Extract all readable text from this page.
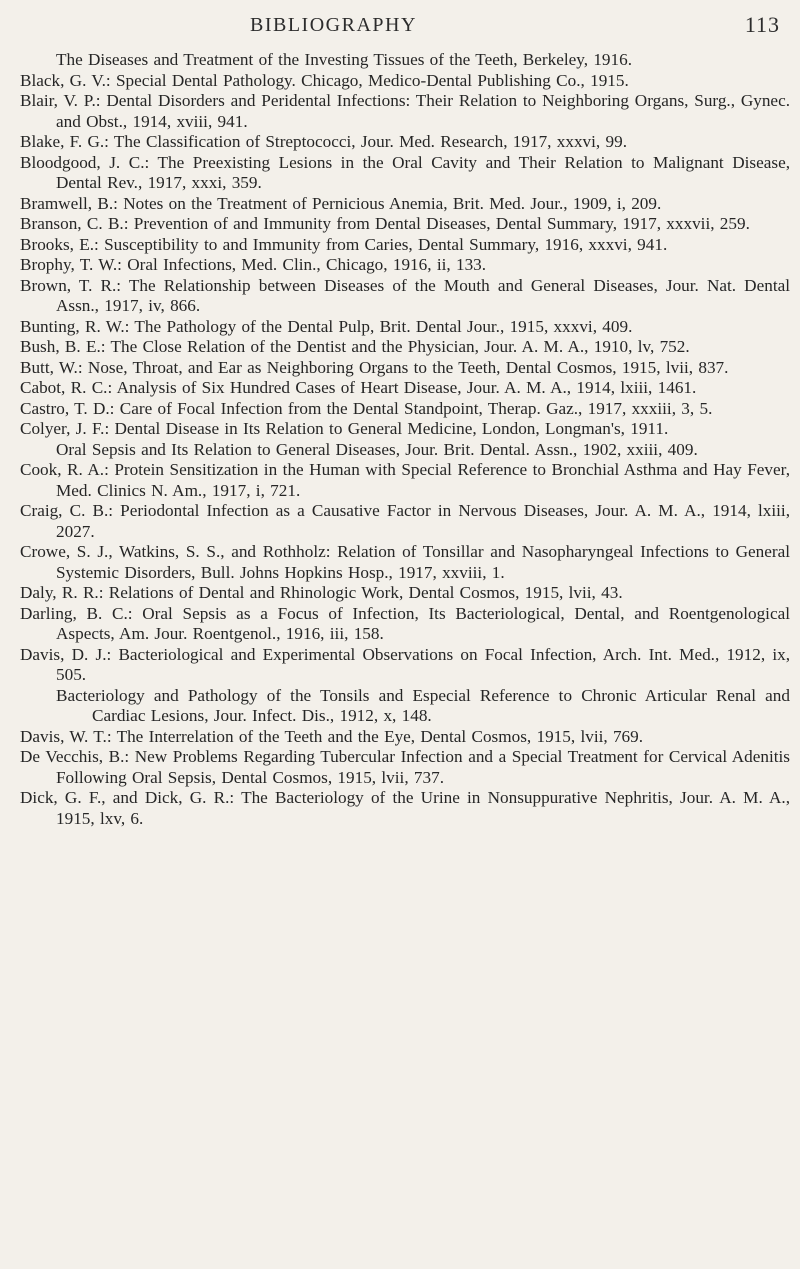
BIBLIOGRAPHY	113

The Diseases and Treatment of the Investing Tissues of the Teeth, Berkeley, 1916.

Black, G. V.: Special Dental Pathology. Chicago, Medico-Dental Publishing Co., 1915.

Blair, V. P.: Dental Disorders and Peridental Infections: Their Relation to Neighboring Organs, Surg., Gynec. and Obst., 1914, xviii, 941.

Blake, F. G.: The Classification of Streptococci, Jour. Med. Research, 1917, xxxvi, 99.

Bloodgood, J. C.: The Preexisting Lesions in the Oral Cavity and Their Relation to Malignant Disease, Dental Rev., 1917, xxxi, 359.

Bramwell, B.: Notes on the Treatment of Pernicious Anemia, Brit. Med. Jour., 1909, i, 209.

Branson, C. B.: Prevention of and Immunity from Dental Diseases, Dental Summary, 1917, xxxvii, 259.

Brooks, E.: Susceptibility to and Immunity from Caries, Dental Summary, 1916, xxxvi, 941.

Brophy, T. W.: Oral Infections, Med. Clin., Chicago, 1916, ii, 133.

Brown, T. R.: The Relationship between Diseases of the Mouth and General Diseases, Jour. Nat. Dental Assn., 1917, iv, 866.

Bunting, R. W.: The Pathology of the Dental Pulp, Brit. Dental Jour., 1915, xxxvi, 409.

Bush, B. E.: The Close Relation of the Dentist and the Physician, Jour. A. M. A., 1910, lv, 752.

Butt, W.: Nose, Throat, and Ear as Neighboring Organs to the Teeth, Dental Cosmos, 1915, lvii, 837.

Cabot, R. C.: Analysis of Six Hundred Cases of Heart Disease, Jour. A. M. A., 1914, lxiii, 1461.

Castro, T. D.: Care of Focal Infection from the Dental Standpoint, Therap. Gaz., 1917, xxxiii, 3, 5.

Colyer, J. F.: Dental Disease in Its Relation to General Medicine, London, Longman's, 1911.

Oral Sepsis and Its Relation to General Diseases, Jour. Brit. Dental. Assn., 1902, xxiii, 409.

Cook, R. A.: Protein Sensitization in the Human with Special Reference to Bronchial Asthma and Hay Fever, Med. Clinics N. Am., 1917, i, 721.

Craig, C. B.: Periodontal Infection as a Causative Factor in Nervous Diseases, Jour. A. M. A., 1914, lxiii, 2027.

Crowe, S. J., Watkins, S. S., and Rothholz: Relation of Tonsillar and Nasopharyngeal Infections to General Systemic Disorders, Bull. Johns Hopkins Hosp., 1917, xxviii, 1.

Daly, R. R.: Relations of Dental and Rhinologic Work, Dental Cosmos, 1915, lvii, 43.

Darling, B. C.: Oral Sepsis as a Focus of Infection, Its Bacteriological, Dental, and Roentgenological Aspects, Am. Jour. Roentgenol., 1916, iii, 158.

Davis, D. J.: Bacteriological and Experimental Observations on Focal Infection, Arch. Int. Med., 1912, ix, 505.

Bacteriology and Pathology of the Tonsils and Especial Reference to Chronic Articular Renal and Cardiac Lesions, Jour. Infect. Dis., 1912, x, 148.

Davis, W. T.: The Interrelation of the Teeth and the Eye, Dental Cosmos, 1915, lvii, 769.

De Vecchis, B.: New Problems Regarding Tubercular Infection and a Special Treatment for Cervical Adenitis Following Oral Sepsis, Dental Cosmos, 1915, lvii, 737.

Dick, G. F., and Dick, G. R.: The Bacteriology of the Urine in Nonsuppurative Nephritis, Jour. A. M. A., 1915, lxv, 6.
